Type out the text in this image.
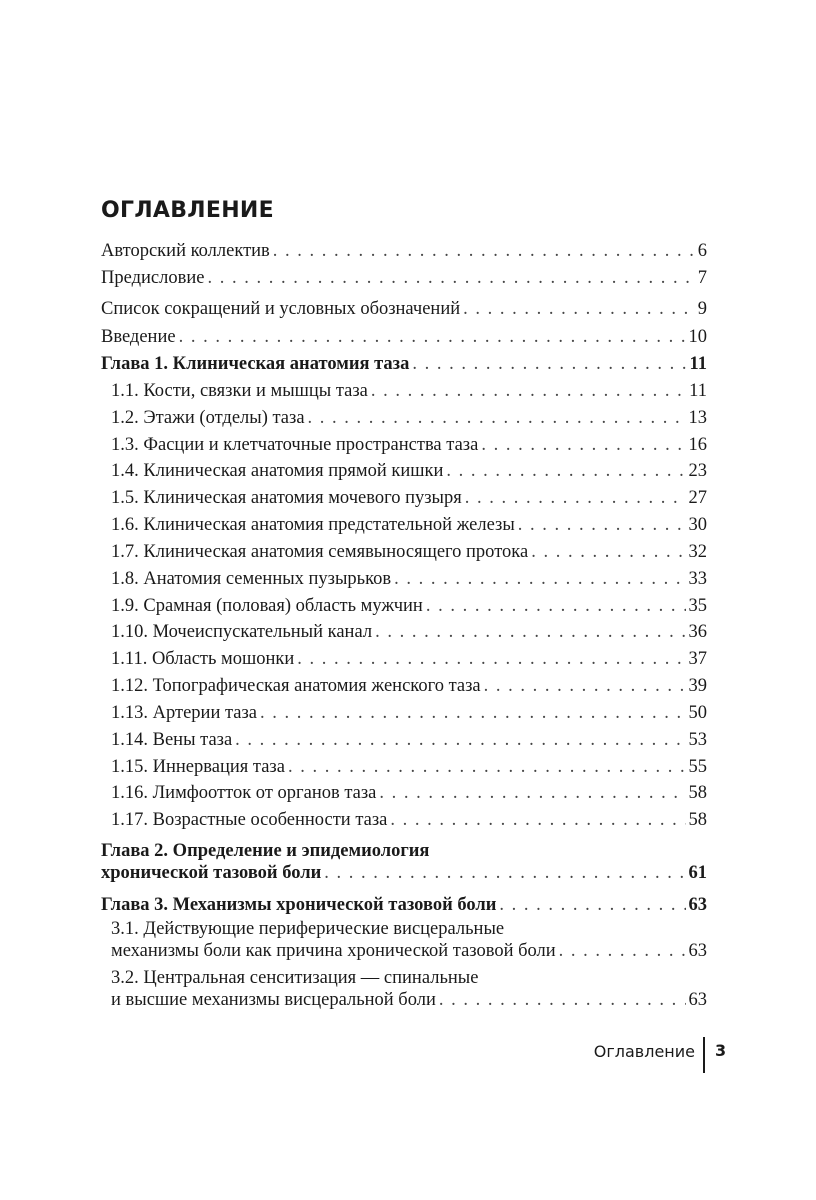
ОГЛАВЛЕНИЕ
Авторский коллектив . . .	6
Предисловие . . .	7
Список сокращений и условных обозначений . . .	9
Введение . . .	10
Глава 1. Клиническая анатомия таза . . .	11
1.1. Кости, связки и мышцы таза . . .	11
1.2. Этажи (отделы) таза . . .	13
1.3. Фасции и клетчаточные пространства таза . . .	16
1.4. Клиническая анатомия прямой кишки . . .	23
1.5. Клиническая анатомия мочевого пузыря . . .	27
1.6. Клиническая анатомия предстательной железы . . .	30
1.7. Клиническая анатомия семявыносящего протока . . .	32
1.8. Анатомия семенных пузырьков . . .	33
1.9. Срамная (половая) область мужчин . . .	35
1.10. Мочеиспускательный канал . . .	36
1.11. Область мошонки . . .	37
1.12. Топографическая анатомия женского таза . . .	39
1.13. Артерии таза . . .	50
1.14. Вены таза . . .	53
1.15. Иннервация таза . . .	55
1.16. Лимфоотток от органов таза . . .	58
1.17. Возрастные особенности таза . . .	58
Глава 2. Определение и эпидемиология
хронической тазовой боли . . .	61
Глава 3. Механизмы хронической тазовой боли . . .	63
3.1. Действующие периферические висцеральные
механизмы боли как причина хронической тазовой боли . . .	63
3.2. Центральная сенситизация — спинальные
и высшие механизмы висцеральной боли . . .	63
Оглавление 3
